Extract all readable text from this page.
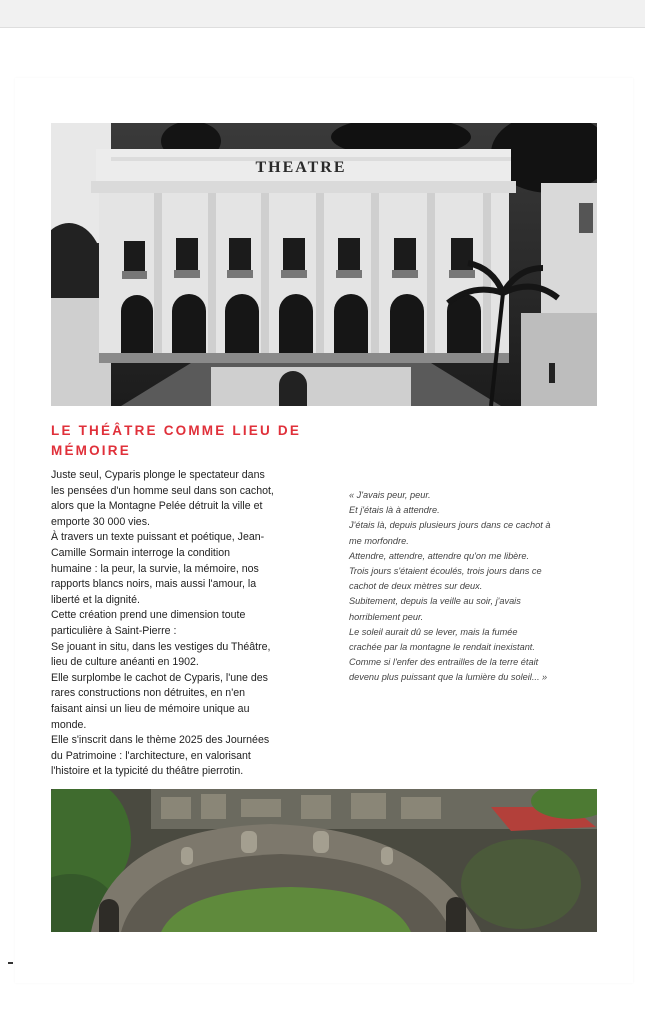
THEATRE
LE THÉÂTRE COMME LIEU DE
MÉMOIRE

Juste seul, Cyparis plonge le spectateur dans

les pensées d'un homme seul dans son cachot,

alors que la Montagne Pelée détruit la ville et

emporte 30 000 vies.

À travers un texte puissant et poétique, Jean-

Camille Sormain interroge la condition

humaine : la peur, la survie, la mémoire, nos

rapports blancs noirs, mais aussi l'amour, la

liberté et la dignité.

Cette création prend une dimension toute

particulière à Saint-Pierre :

Se jouant in situ, dans les vestiges du Théâtre,

lieu de culture anéanti en 1902.

Elle surplombe le cachot de Cyparis, l'une des

rares constructions non détruites, en n'en

faisant ainsi un lieu de mémoire unique au

monde.

Elle s'inscrit dans le thème 2025 des Journées

du Patrimoine : l'architecture, en valorisant

l'histoire et la typicité du théâtre pierrotin.

« J'avais peur, peur.

Et j'étais là à attendre.

J'étais là, depuis plusieurs jours dans ce cachot à

me morfondre.

Attendre, attendre, attendre qu'on me libère.

Trois jours s'étaient écoulés, trois jours dans ce

cachot de deux mètres sur deux.

Subitement, depuis la veille au soir, j'avais

horriblement peur.

Le soleil aurait dû se lever, mais la fumée

crachée par la montagne le rendait inexistant.

Comme si l'enfer des entrailles de la terre était

devenu plus puissant que la lumière du soleil... »
